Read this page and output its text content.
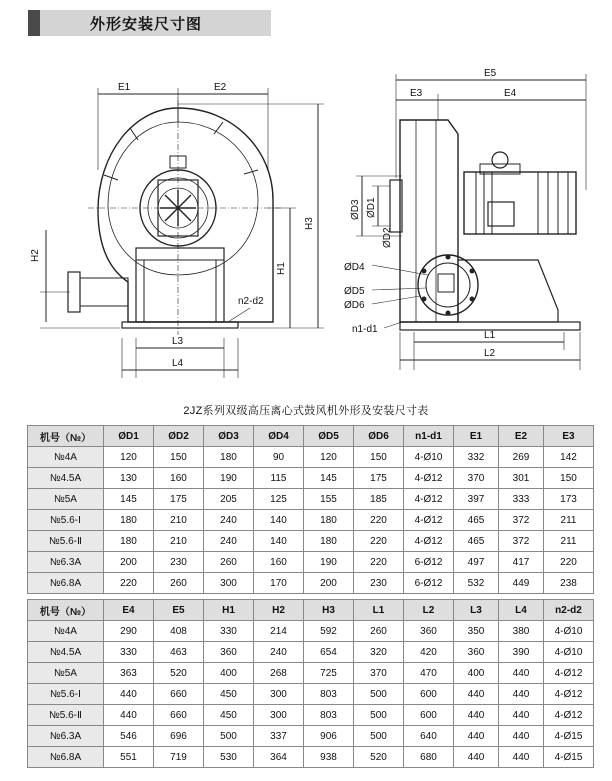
外形安装尺寸图
E1	E2
H2
H1
H3
L3
L4
n2-d2
E5
E3	E4
ØD3 ØD1
ØD2
ØD4
ØD5
ØD6
n1-d1
L1
L2
2JZ系列双级高压离心式鼓风机外形及安装尺寸表
机号（№）	ØD1	ØD2	ØD3	ØD4	ØD5	ØD6	n1-d1	E1	E2	E3
№4A	120	150	180	90	120	150	4-Ø10	332	269	142
№4.5A	130	160	190	115	145	175	4-Ø12	370	301	150
№5A	145	175	205	125	155	185	4-Ø12	397	333	173
№5.6-Ⅰ	180	210	240	140	180	220	4-Ø12	465	372	211
№5.6-Ⅱ	180	210	240	140	180	220	4-Ø12	465	372	211
№6.3A	200	230	260	160	190	220	6-Ø12	497	417	220
№6.8A	220	260	300	170	200	230	6-Ø12	532	449	238
机号（№）	E4	E5	H1	H2	H3	L1	L2	L3	L4	n2-d2
№4A	290	408	330	214	592	260	360	350	380	4-Ø10
№4.5A	330	463	360	240	654	320	420	360	390	4-Ø10
№5A	363	520	400	268	725	370	470	400	440	4-Ø12
№5.6-Ⅰ	440	660	450	300	803	500	600	440	440	4-Ø12
№5.6-Ⅱ	440	660	450	300	803	500	600	440	440	4-Ø12
№6.3A	546	696	500	337	906	500	640	440	440	4-Ø15
№6.8A	551	719	530	364	938	520	680	440	440	4-Ø15
